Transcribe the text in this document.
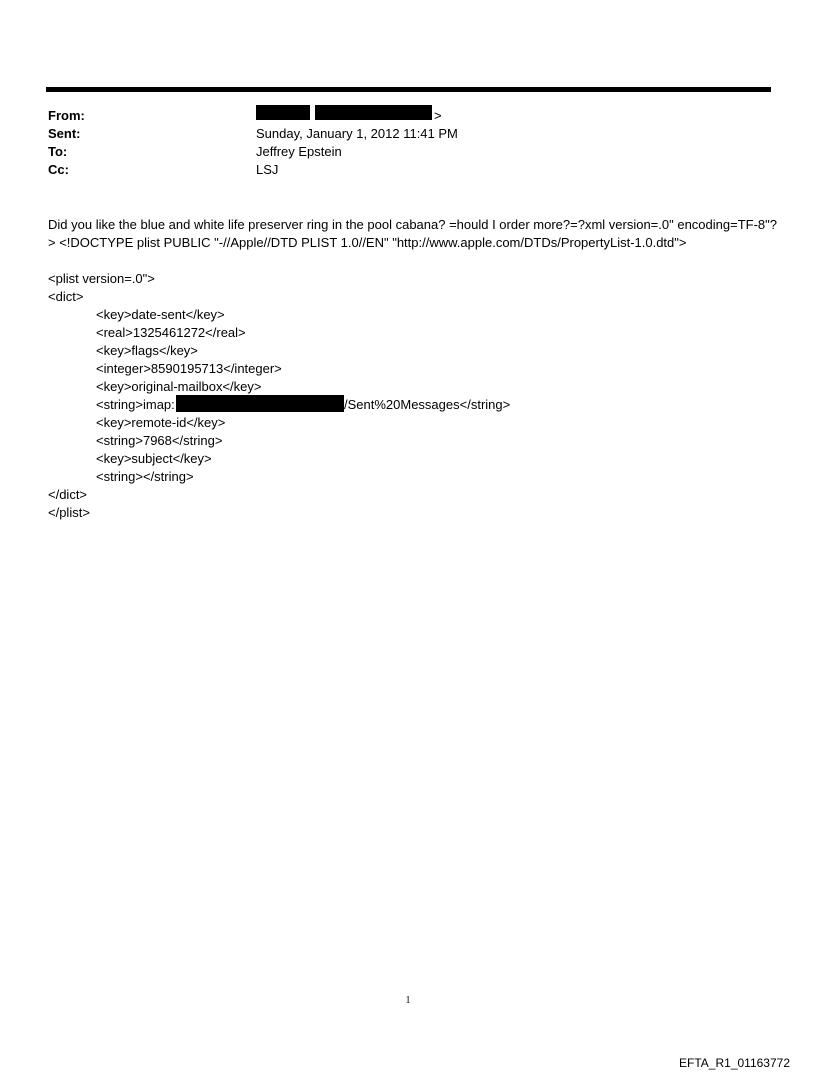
From:
Sent:
To:
Cc:
>
Sunday, January 1, 2012 11:41 PM
Jeffrey Epstein
LSJ

Did you like the blue and white life preserver ring in the pool cabana? =hould I order more?=?xml version=.0" encoding=TF-8"?> <!DOCTYPE plist PUBLIC "-//Apple//DTD PLIST 1.0//EN" "http://www.apple.com/DTDs/PropertyList-1.0.dtd">

<plist version=.0">
<dict>
<key>date-sent</key>
<real>1325461272</real>
<key>flags</key>
<integer>8590195713</integer>
<key>original-mailbox</key>
<string>imap:	/Sent%20Messages</string>
<key>remote-id</key>
<string>7968</string>
<key>subject</key>
<string></string>
</dict>
</plist>
1
EFTA_R1_01163772
